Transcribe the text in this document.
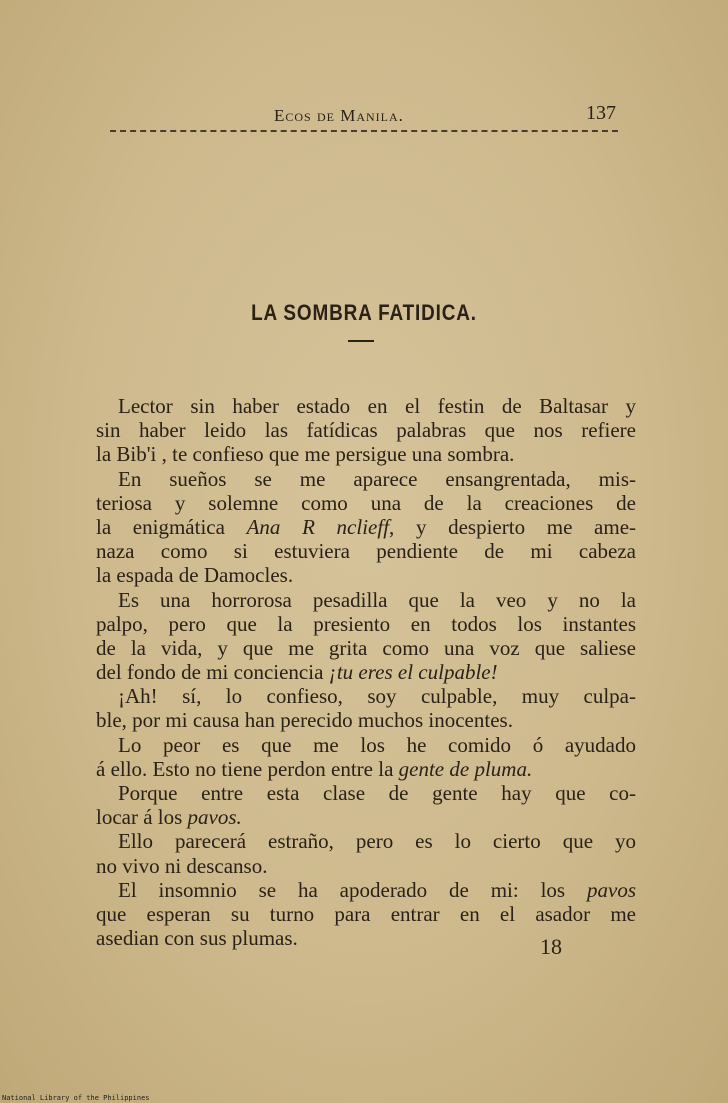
Ecos de Manila.	137
LA SOMBRA FATIDICA.
Lector sin haber estado en el festin de Baltasar y
sin haber leido las fatídicas palabras que nos refiere
la Bib'i , te confieso que me persigue una sombra.
En sueños se me aparece ensangrentada, mis-
teriosa y solemne como una de la creaciones de
la enigmática Ana R nclieff, y despierto me ame-
naza como si estuviera pendiente de mi cabeza
la espada de Damocles.
Es una horrorosa pesadilla que la veo y no la
palpo, pero que la presiento en todos los instantes
de la vida, y que me grita como una voz que saliese
del fondo de mi conciencia ¡tu eres el culpable!
¡Ah! sí, lo confieso, soy culpable, muy culpa-
ble, por mi causa han perecido muchos inocentes.
Lo peor es que me los he comido ó ayudado
á ello. Esto no tiene perdon entre la gente de pluma.
Porque entre esta clase de gente hay que co-
locar á los pavos.
Ello parecerá estraño, pero es lo cierto que yo
no vivo ni descanso.
El insomnio se ha apoderado de mi: los pavos
que esperan su turno para entrar en el asador me
asedian con sus plumas.	18
National Library of the Philippines
